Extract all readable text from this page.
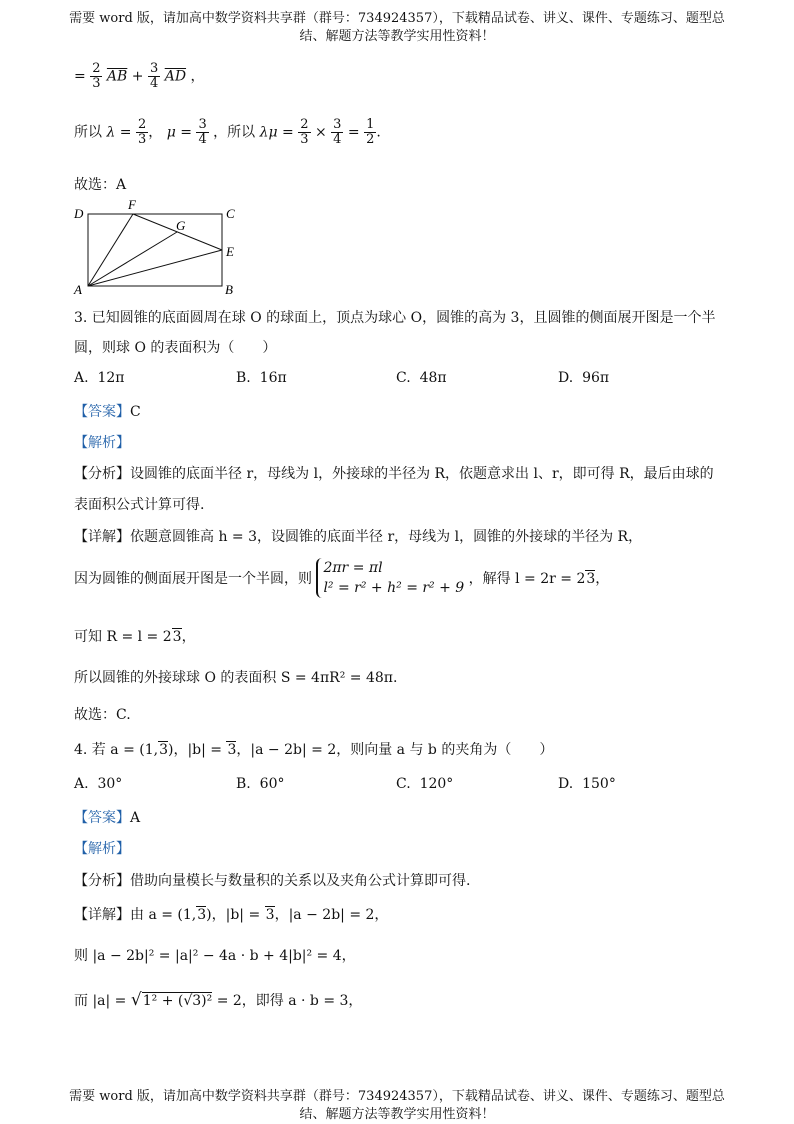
需要 word 版，请加高中数学资料共享群（群号：734924357），下载精品试卷、讲义、课件、专题练习、题型总
结、解题方法等教学实用性资料！
= $\frac{2}{3} \overline{AB} + \frac{3}{4} \overline{AD}$ ，
所以 $\lambda = \frac{2}{3}$ ， $\mu = \frac{3}{4}$ ，所以 $\lambda\mu = \frac{2}{3} \times \frac{3}{4} = \frac{1}{2}$ .
故选：A
D
F
C
G
E
A	B
3. 已知圆锥的底面圆周在球 O 的球面上，顶点为球心 O，圆锥的高为 3，且圆锥的侧面展开图是一个半
圆，则球 O 的表面积为（　　）
A. 12π	B. 16π	C. 48π	D. 96π
【答案】C
【解析】
【分析】设圆锥的底面半径 r，母线为 l，外接球的半径为 R，依题意求出 l、r，即可得 R，最后由球的
表面积公式计算可得.
【详解】依题意圆锥高 h = 3，设圆锥的底面半径 r，母线为 l，圆锥的外接球的半径为 R，
因为圆锥的侧面展开图是一个半圆，则 2πr = πl
l² = r² + h² = r² + 9 ，解得 l = 2r = 23，
可知 R = l = 23，
所以圆锥的外接球球 O 的表面积 S = 4πR² = 48π.
故选：C.
4. 若 a = (1,3)，|b| = 3，|a − 2b| = 2，则向量 a 与 b 的夹角为（　　）
A. 30°	B. 60°	C. 120°	D. 150°
【答案】A
【解析】
【分析】借助向量模长与数量积的关系以及夹角公式计算即可得.
【详解】由 a = (1,3)，|b| = 3，|a − 2b| = 2，
则 |a − 2b|² = |a|² − 4a · b + 4|b|² = 4，
而 |a| = √1² + (√3)² = 2，即得 a · b = 3，
需要 word 版，请加高中数学资料共享群（群号：734924357），下载精品试卷、讲义、课件、专题练习、题型总
结、解题方法等教学实用性资料！
